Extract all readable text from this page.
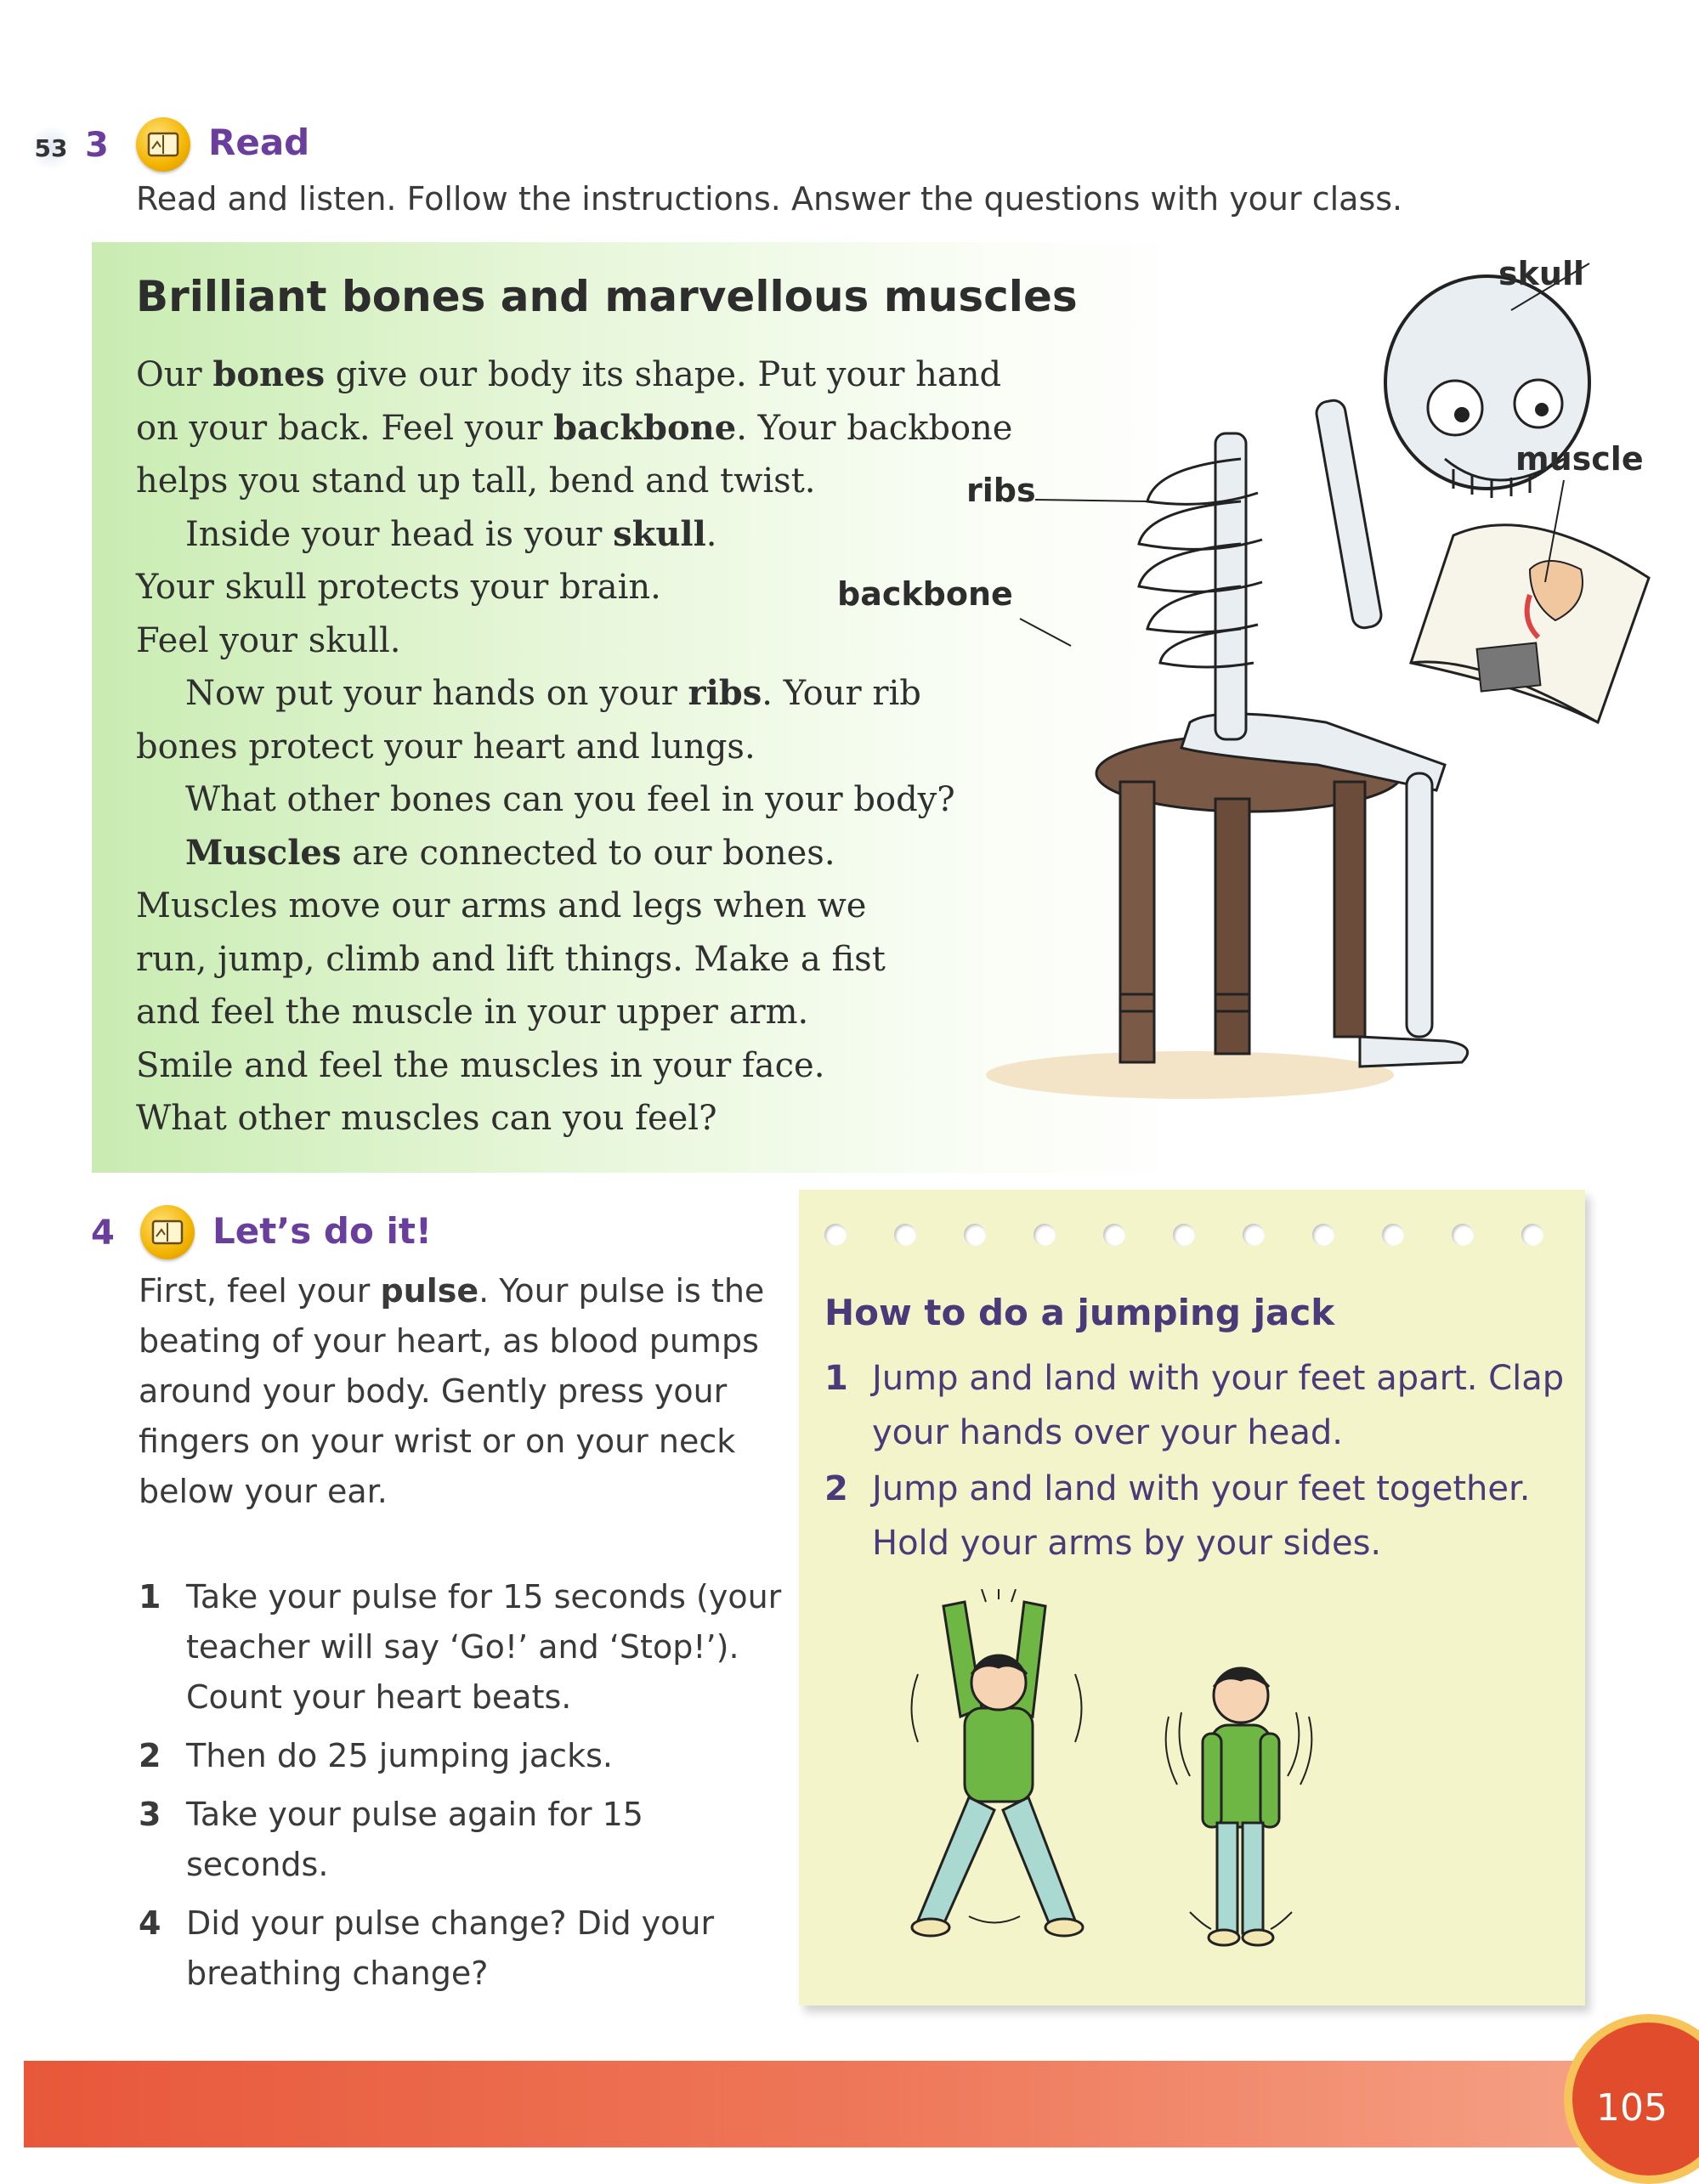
53 3	Read
Read and listen. Follow the instructions. Answer the questions with your class.
Brilliant bones and marvellous muscles
Our bones give our body its shape. Put your hand
on your back. Feel your backbone. Your backbone
helps you stand up tall, bend and twist.
Inside your head is your skull.
Your skull protects your brain.
Feel your skull.
Now put your hands on your ribs. Your rib
bones protect your heart and lungs.
What other bones can you feel in your body?
Muscles are connected to our bones.
Muscles move our arms and legs when we
run, jump, climb and lift things. Make a fist
and feel the muscle in your upper arm.
Smile and feel the muscles in your face.
What other muscles can you feel?
skull
muscle
ribs
backbone
4	Let’s do it!
First, feel your pulse. Your pulse is the beating of your heart, as blood pumps around your body. Gently press your fingers on your wrist or on your neck below your ear.
1 Take your pulse for 15 seconds (your teacher will say ‘Go!’ and ‘Stop!’). Count your heart beats.
2 Then do 25 jumping jacks.
3 Take your pulse again for 15 seconds.
4 Did your pulse change? Did your breathing change?
How to do a jumping jack
1 Jump and land with your feet apart. Clap your hands over your head.
2 Jump and land with your feet together. Hold your arms by your sides.
105
